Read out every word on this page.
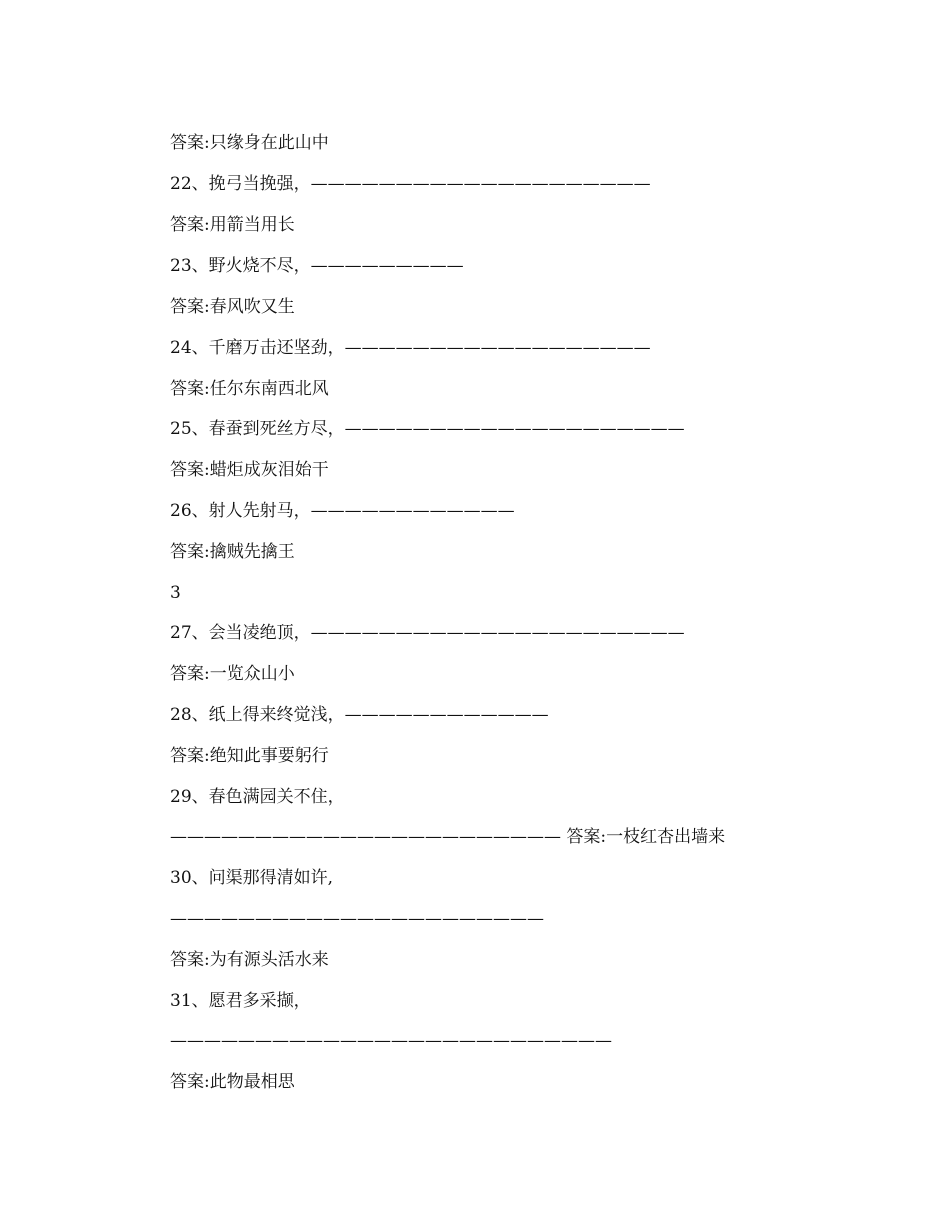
答案:只缘身在此山中
22、挽弓当挽强，————————————————————
答案:用箭当用长
23、野火烧不尽，—————————
答案:春风吹又生
24、千磨万击还坚劲，——————————————————
答案:任尔东南西北风
25、春蚕到死丝方尽，————————————————————
答案:蜡炬成灰泪始干
26、射人先射马，————————————
答案:擒贼先擒王
3
27、会当凌绝顶，——————————————————————
答案:一览众山小
28、纸上得来终觉浅，————————————
答案:绝知此事要躬行
29、春色满园关不住，
——————————————————————— 答案:一枝红杏出墙来
30、问渠那得清如许,
——————————————————————
答案:为有源头活水来
31、愿君多采撷，
——————————————————————————
答案:此物最相思
